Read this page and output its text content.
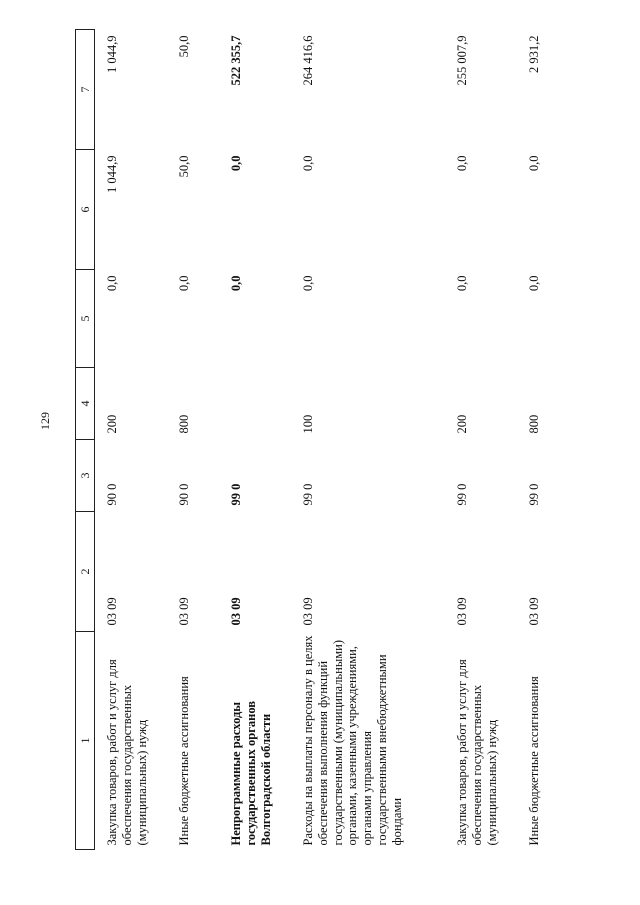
129
1	2	3	4	5	6	7
Закупка товаров, работ и услуг для обеспечения государственных (муниципальных) нужд	03 09	90 0	200	0,0	1 044,9	1 044,9
Иные бюджетные ассигнования	03 09	90 0	800	0,0	50,0	50,0
Непрограммные расходы государственных органов Волгоградской области	03 09	99 0		0,0	0,0	522 355,7
Расходы на выплаты персоналу в целях обеспечения выполнения функций государственными (муниципальными) органами, казенными учреждениями, органами управления государственными внебюджетными фондами	03 09	99 0	100	0,0	0,0	264 416,6
Закупка товаров, работ и услуг для обеспечения государственных (муниципальных) нужд	03 09	99 0	200	0,0	0,0	255 007,9
Иные бюджетные ассигнования	03 09	99 0	800	0,0	0,0	2 931,2
